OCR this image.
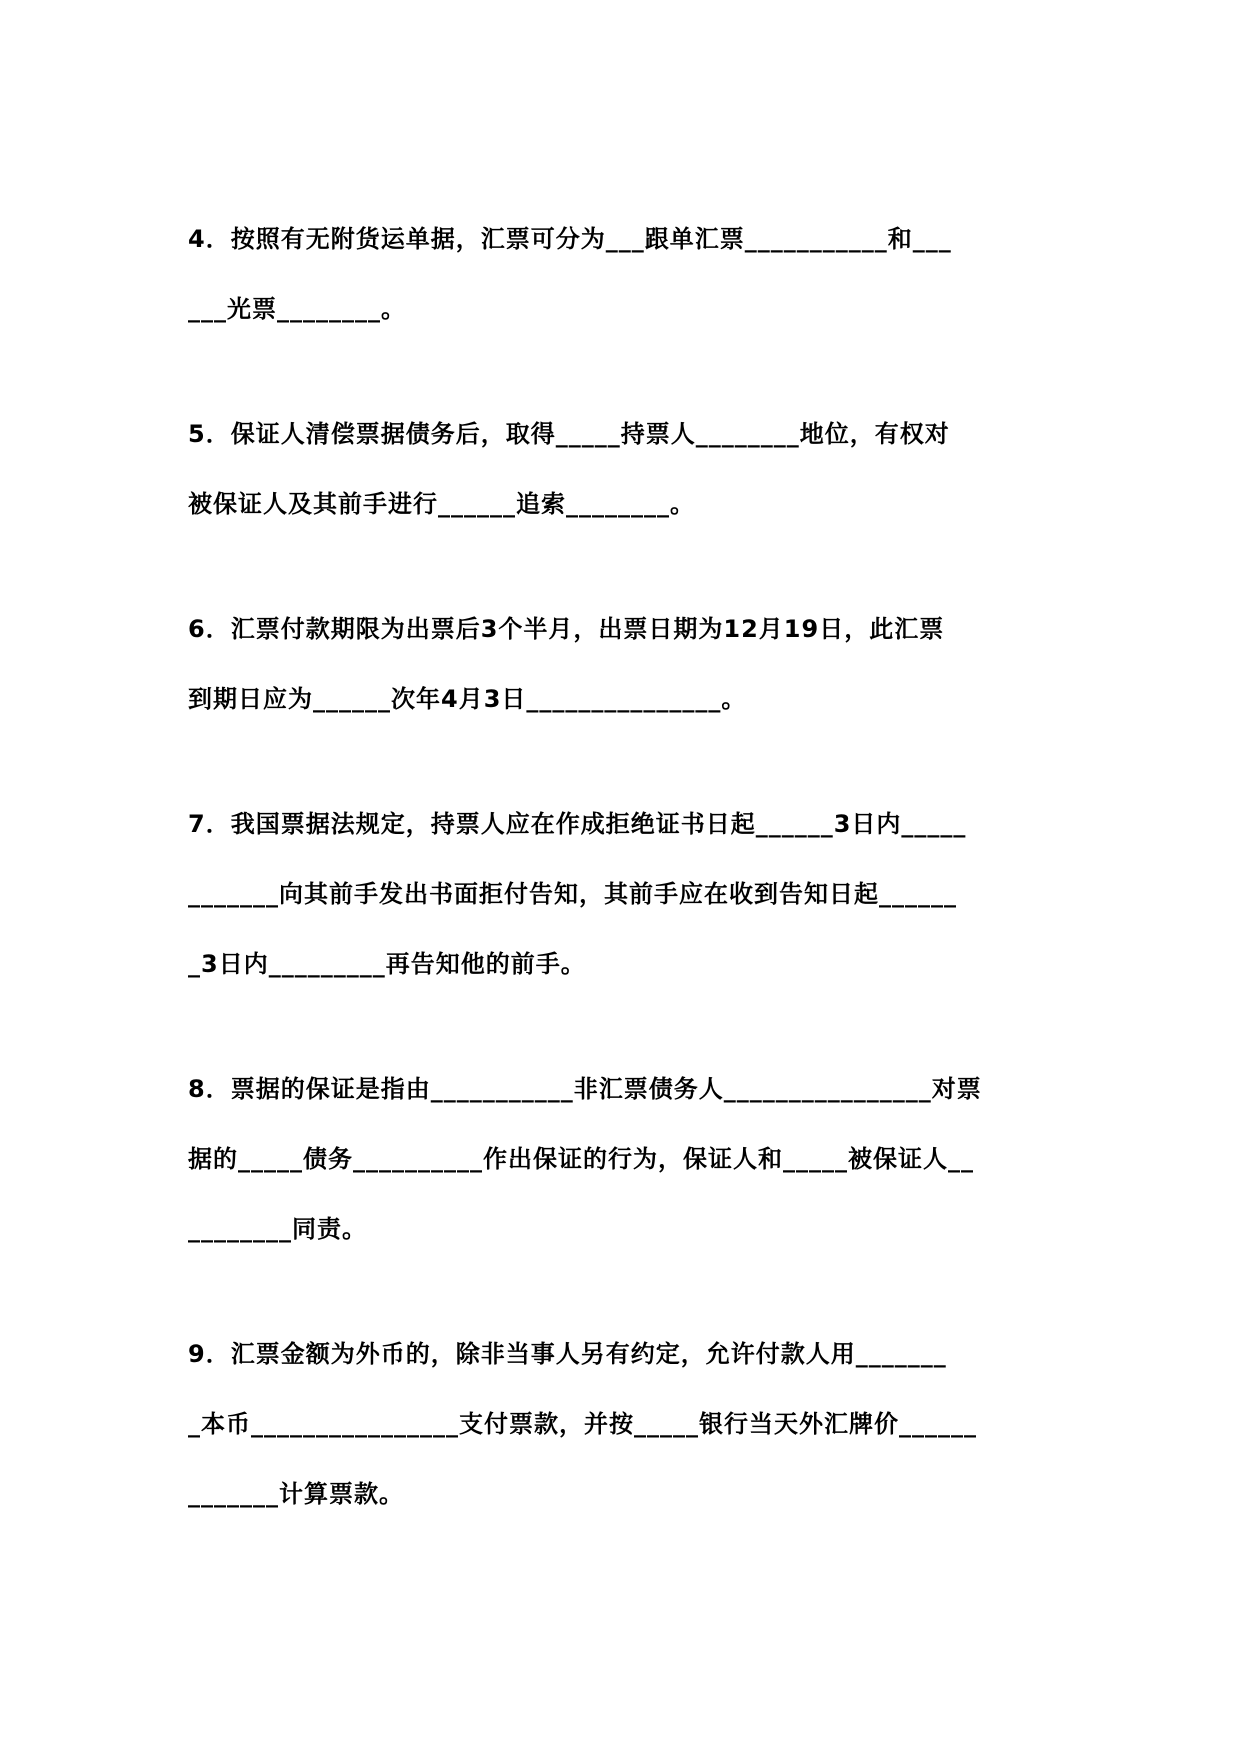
4．按照有无附货运单据，汇票可分为___跟单汇票___________和___
___光票________。
5．保证人清偿票据债务后，取得_____持票人________地位，有权对
被保证人及其前手进行______追索________。
6．汇票付款期限为出票后3个半月，出票日期为12月19日，此汇票
到期日应为______次年4月3日_______________。
7．我国票据法规定，持票人应在作成拒绝证书日起______3日内_____
_______向其前手发出书面拒付告知，其前手应在收到告知日起______
_3日内_________再告知他的前手。
8．票据的保证是指由___________非汇票债务人________________对票
据的_____债务__________作出保证的行为，保证人和_____被保证人__
________同责。
9．汇票金额为外币的，除非当事人另有约定，允许付款人用_______
_本币________________支付票款，并按_____银行当天外汇牌价______
_______计算票款。
